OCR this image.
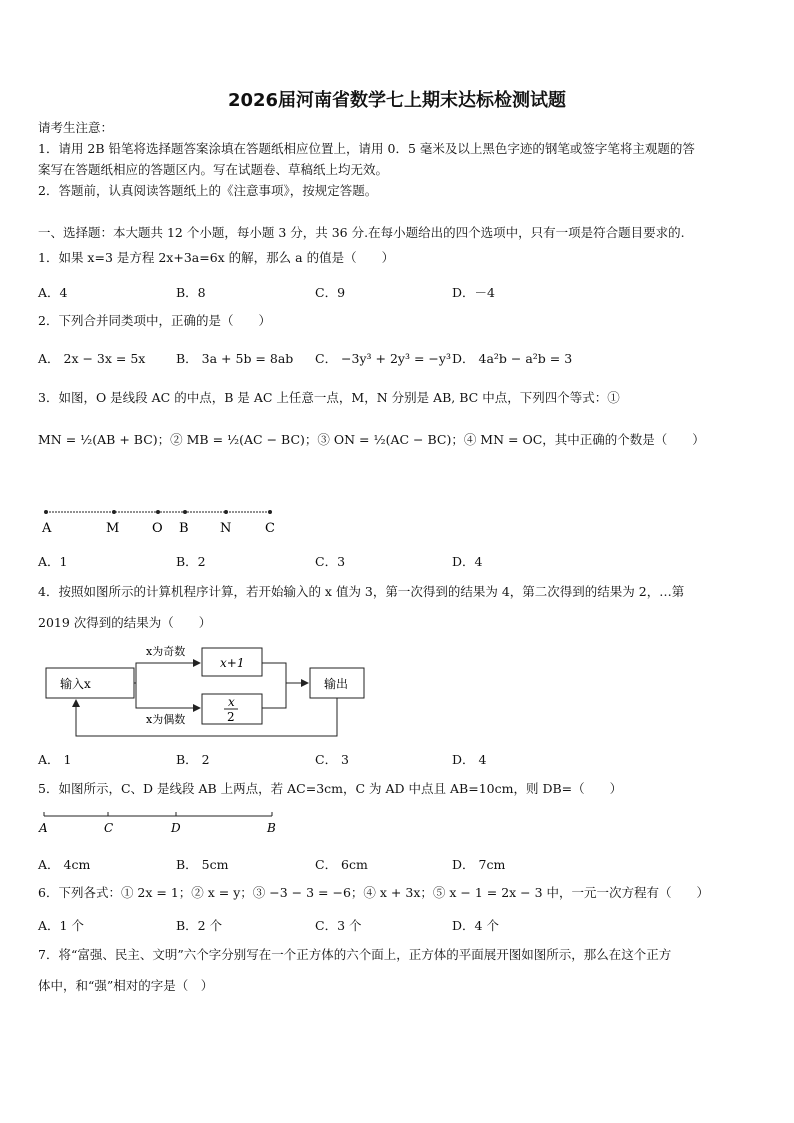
2026届河南省数学七上期末达标检测试题
请考生注意：
1．请用 2B 铅笔将选择题答案涂填在答题纸相应位置上，请用 0．5 毫米及以上黑色字迹的钢笔或签字笔将主观题的答
案写在答题纸相应的答题区内。写在试题卷、草稿纸上均无效。
2．答题前，认真阅读答题纸上的《注意事项》，按规定答题。
一、选择题：本大题共 12 个小题，每小题 3 分，共 36 分.在每小题给出的四个选项中，只有一项是符合题目要求的.
1．如果 x=3 是方程 2x+3a=6x 的解，那么 a 的值是（　　）
A．4	B．8	C．9	D．－4
2．下列合并同类项中，正确的是（　　）
A． 2x − 3x = 5x B． 3a + 5b = 8ab C． −3y³ + 2y³ = −y³ D． 4a²b − a²b = 3
3．如图，O 是线段 AC 的中点，B 是 AC 上任意一点，M，N 分别是 AB, BC 中点，下列四个等式：①
MN = ½(AB + BC)；② MB = ½(AC − BC)；③ ON = ½(AC − BC)；④ MN = OC，其中正确的个数是（　　）
A	M	O B N	C
A．1	B．2	C．3	D．4
4．按照如图所示的计算机程序计算，若开始输入的 x 值为 3，第一次得到的结果为 4，第二次得到的结果为 2，…第
2019 次得到的结果为（　　）
输入x
x为奇数
x为偶数
x+1
x
2
输出
A． 1	B． 2	C． 3	D． 4
5．如图所示，C、D 是线段 AB 上两点，若 AC=3cm，C 为 AD 中点且 AB=10cm，则 DB=（　　）
A	C	D	B
A． 4cm	B． 5cm	C． 6cm	D． 7cm
6．下列各式：① 2x = 1；② x = y；③ −3 − 3 = −6；④ x + 3x；⑤ x − 1 = 2x − 3 中，一元一次方程有（　　）
A．1 个	B．2 个	C．3 个	D．4 个
7．将“富强、民主、文明”六个字分别写在一个正方体的六个面上，正方体的平面展开图如图所示，那么在这个正方
体中，和“强”相对的字是（　）
